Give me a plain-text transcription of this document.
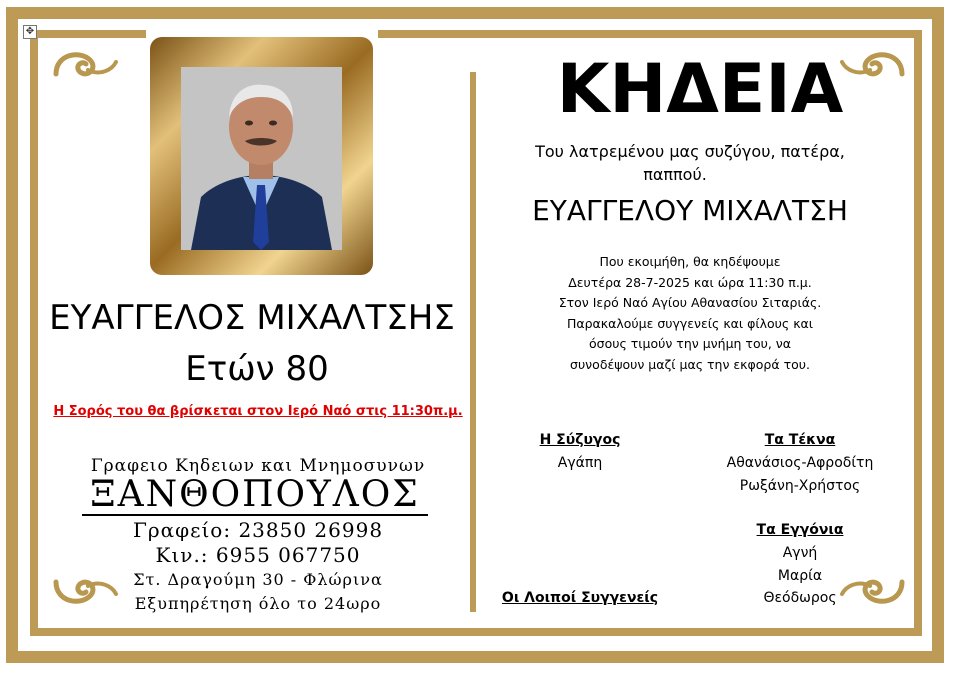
✥
ΕΥΑΓΓΕΛΟΣ ΜΙΧΑΛΤΣΗΣ
Ετών 80
Η Σορός του θα βρίσκεται στον Ιερό Ναό στις 11:30π.μ.
Γραφειο Κηδειων και Μνημοσυνων
ΞΑΝΘΟΠΟΥΛΟΣ
Γραφείο: 23850 26998
Κιν.: 6955 067750
Στ. Δραγούμη 30 - Φλώρινα
Εξυπηρέτηση όλο το 24ωρο
ΚΗΔΕΙΑ
Του λατρεμένου μας συζύγου, πατέρα,
παππού.
ΕΥΑΓΓΕΛΟΥ ΜΙΧΑΛΤΣΗ
Που εκοιμήθη, θα κηδέψουμε
Δευτέρα 28-7-2025 και ώρα 11:30 π.μ.
Στον Ιερό Ναό Αγίου Αθανασίου Σιταριάς.
Παρακαλούμε συγγενείς και φίλους και
όσους τιμούν την μνήμη του, να
συνοδέψουν μαζί μας την εκφορά του.
Η Σύζυγος
Αγάπη
Τα Τέκνα
Αθανάσιος-Αφροδίτη
Ρωξάνη-Χρήστος
Τα Εγγόνια
Αγνή
Μαρία
Θεόδωρος
Οι Λοιποί Συγγενείς
